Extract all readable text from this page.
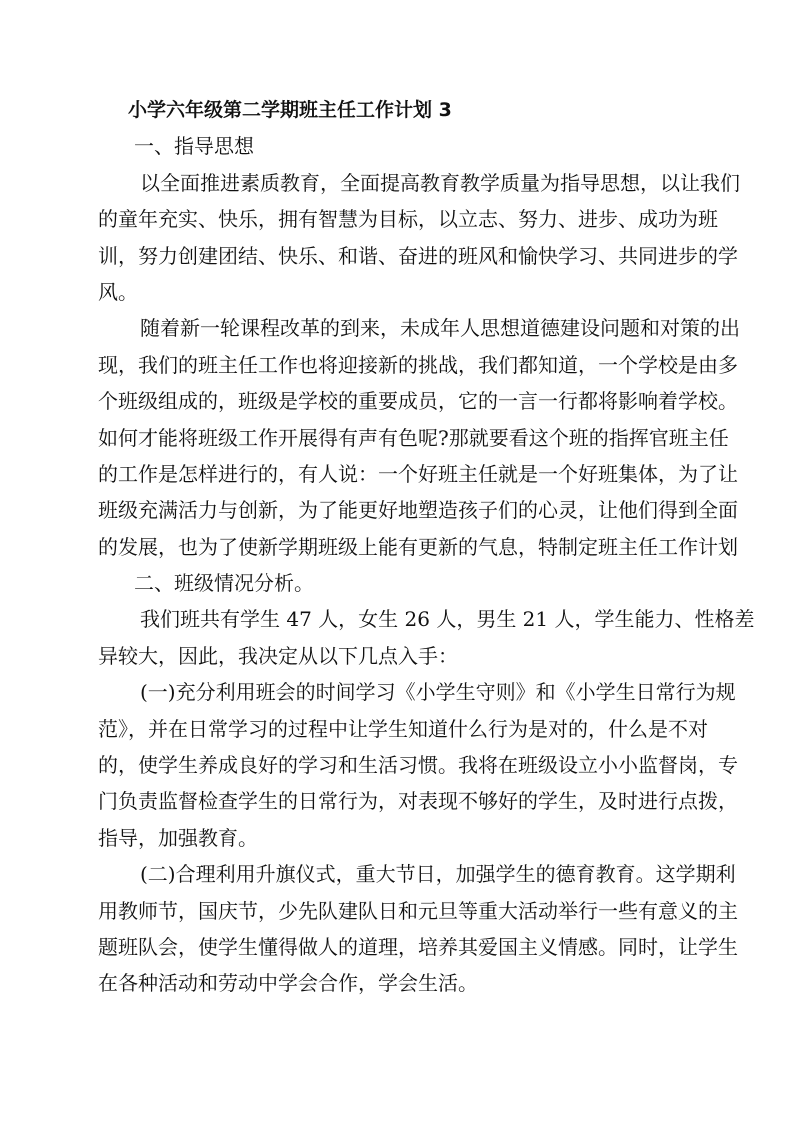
小学六年级第二学期班主任工作计划 3
一、指导思想
以全面推进素质教育，全面提高教育教学质量为指导思想，以让我们
的童年充实、快乐，拥有智慧为目标，以立志、努力、进步、成功为班
训，努力创建团结、快乐、和谐、奋进的班风和愉快学习、共同进步的学
风。
随着新一轮课程改革的到来，未成年人思想道德建设问题和对策的出
现，我们的班主任工作也将迎接新的挑战，我们都知道，一个学校是由多
个班级组成的，班级是学校的重要成员，它的一言一行都将影响着学校。
如何才能将班级工作开展得有声有色呢?那就要看这个班的指挥官班主任
的工作是怎样进行的，有人说：一个好班主任就是一个好班集体，为了让
班级充满活力与创新，为了能更好地塑造孩子们的心灵，让他们得到全面
的发展，也为了使新学期班级上能有更新的气息，特制定班主任工作计划
二、班级情况分析。
我们班共有学生 47 人，女生 26 人，男生 21 人，学生能力、性格差
异较大，因此，我决定从以下几点入手：
(一)充分利用班会的时间学习《小学生守则》和《小学生日常行为规
范》，并在日常学习的过程中让学生知道什么行为是对的，什么是不对
的，使学生养成良好的学习和生活习惯。我将在班级设立小小监督岗，专
门负责监督检查学生的日常行为，对表现不够好的学生，及时进行点拨，
指导，加强教育。
(二)合理利用升旗仪式，重大节日，加强学生的德育教育。这学期利
用教师节，国庆节，少先队建队日和元旦等重大活动举行一些有意义的主
题班队会，使学生懂得做人的道理，培养其爱国主义情感。同时，让学生
在各种活动和劳动中学会合作，学会生活。
